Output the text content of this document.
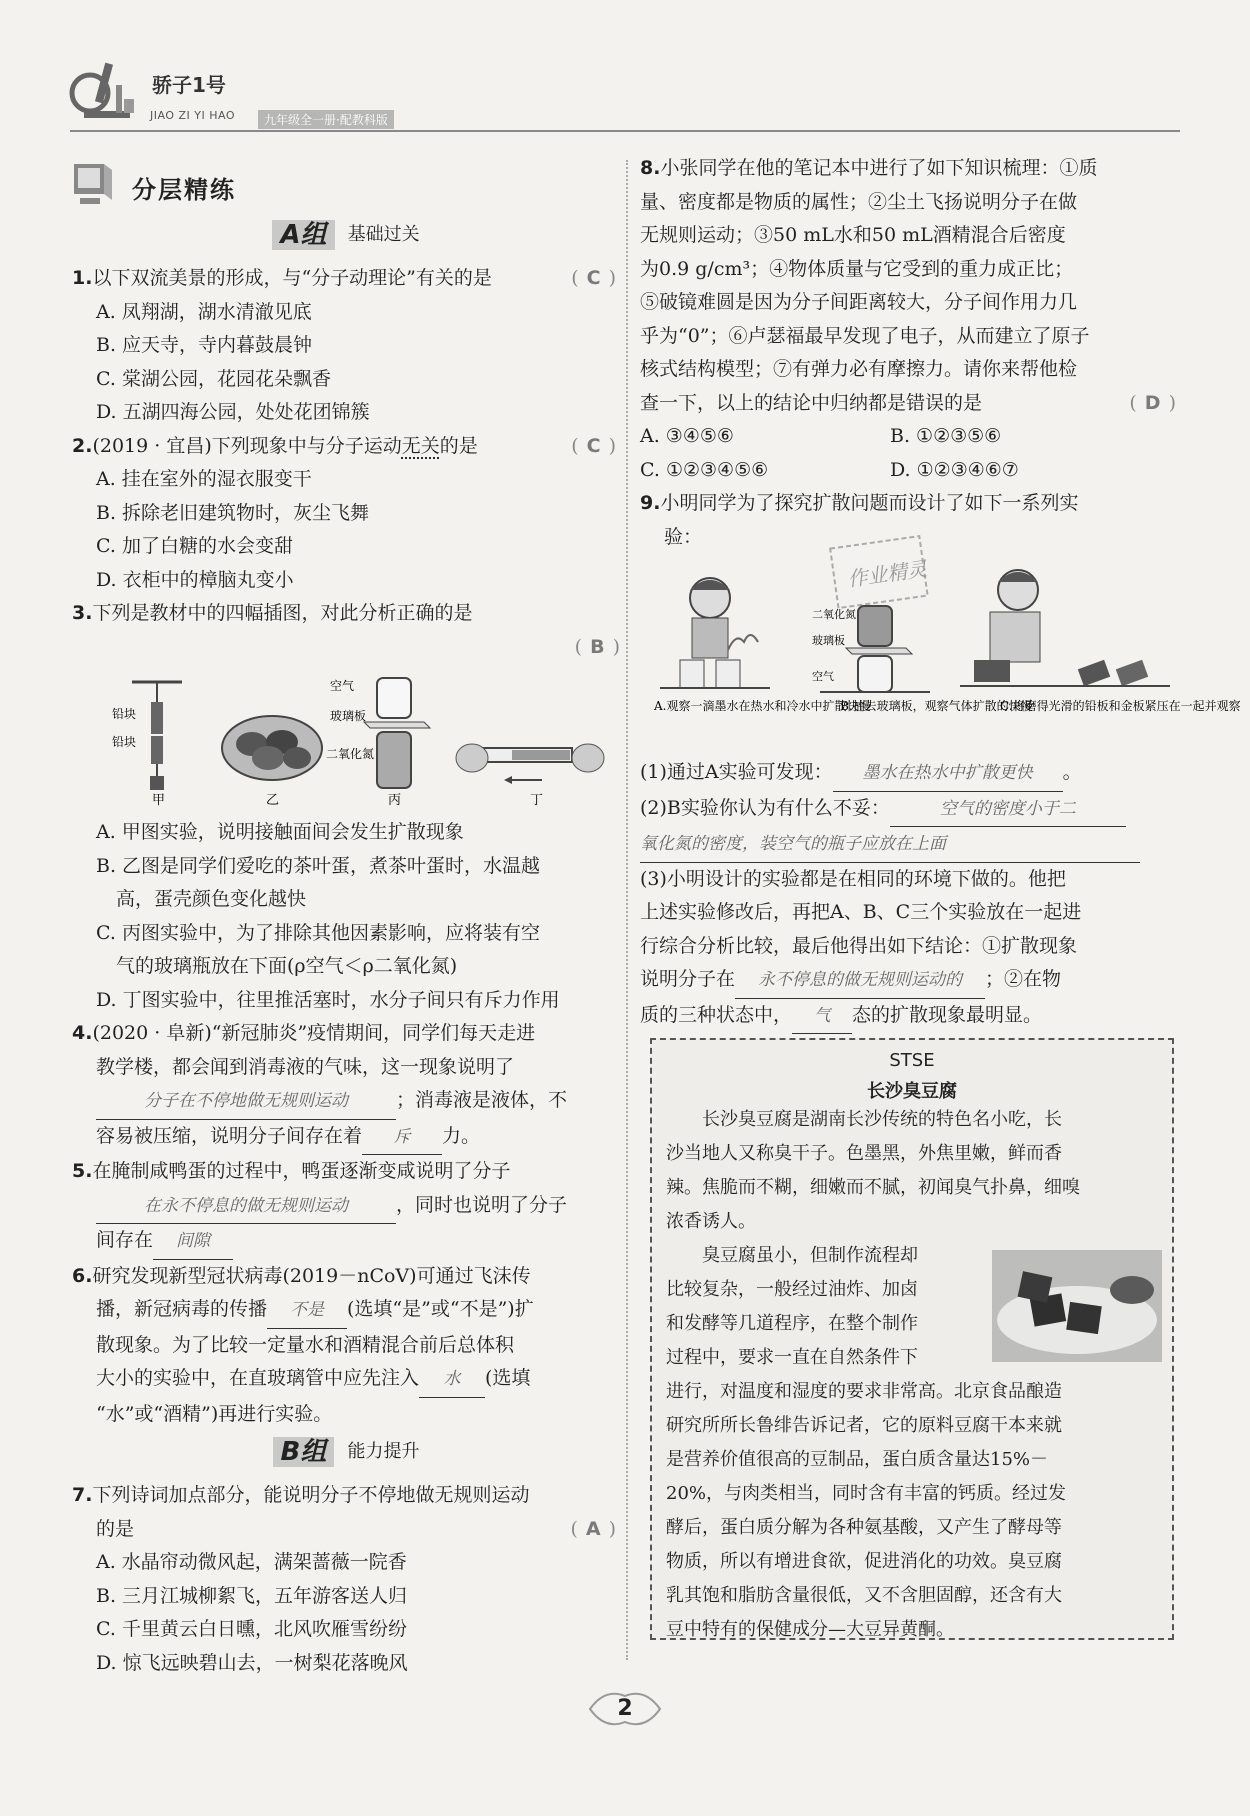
骄子1号
JIAO ZI YI HAO	九年级全一册·配教科版
分层精练
A组 基础过关

1.以下双流美景的形成，与“分子动理论”有关的是	( C )

A. 凤翔湖，湖水清澈见底

B. 应天寺，寺内暮鼓晨钟

C. 棠湖公园，花园花朵飘香

D. 五湖四海公园，处处花团锦簇

2.(2019 · 宜昌)下列现象中与分子运动无关的是	( C )

A. 挂在室外的湿衣服变干

B. 拆除老旧建筑物时，灰尘飞舞

C. 加了白糖的水会变甜

D. 衣柜中的樟脑丸变小

3.下列是教材中的四幅插图，对此分析正确的是

( B )

铅块
铅块
甲	乙
空气
玻璃板
二氧化氮
丙	丁

A. 甲图实验，说明接触面间会发生扩散现象

B. 乙图是同学们爱吃的茶叶蛋，煮茶叶蛋时，水温越

高，蛋壳颜色变化越快

C. 丙图实验中，为了排除其他因素影响，应将装有空

气的玻璃瓶放在下面(ρ空气＜ρ二氧化氮)

D. 丁图实验中，往里推活塞时，水分子间只有斥力作用

4.(2020 · 阜新)“新冠肺炎”疫情期间，同学们每天走进

教学楼，都会闻到消毒液的气味，这一现象说明了

分子在不停地做无规则运动	；消毒液是液体，不

容易被压缩，说明分子间存在着 斥 力。

5.在腌制咸鸭蛋的过程中，鸭蛋逐渐变咸说明了分子

在永不停息的做无规则运动	，同时也说明了分子

间存在 间隙

6.研究发现新型冠状病毒(2019－nCoV)可通过飞沫传

播，新冠病毒的传播 不是 (选填“是”或“不是”)扩

散现象。为了比较一定量水和酒精混合前后总体积

大小的实验中，在直玻璃管中应先注入 水 (选填

“水”或“酒精”)再进行实验。

B组 能力提升

7.下列诗词加点部分，能说明分子不停地做无规则运动

的是	( A )

A. 水晶帘动微风起，满架蔷薇一院香

B. 三月江城柳絮飞，五年游客送人归

C. 千里黄云白日曛，北风吹雁雪纷纷

D. 惊飞远映碧山去，一树梨花落晚风

8.小张同学在他的笔记本中进行了如下知识梳理：①质

量、密度都是物质的属性；②尘土飞扬说明分子在做

无规则运动；③50 mL水和50 mL酒精混合后密度

为0.9 g/cm³；④物体质量与它受到的重力成正比；

⑤破镜难圆是因为分子间距离较大，分子间作用力几

乎为“0”；⑥卢瑟福最早发现了电子，从而建立了原子

核式结构模型；⑦有弹力必有摩擦力。请你来帮他检

查一下，以上的结论中归纳都是错误的是	( D )

A. ③④⑤⑥	B. ①②③⑤⑥

C. ①②③④⑤⑥	D. ①②③④⑥⑦

9.小明同学为了探究扩散问题而设计了如下一系列实

验：

作业精灵
A.观察一滴墨水在热水和冷水中扩散快慢
二氧化氮
玻璃板
空气
B.抽去玻璃板，观察气体扩散的快慢
C.将磨得光滑的铅板和金板紧压在一起并观察

(1)通过A实验可发现： 墨水在热水中扩散更快 。

(2)B实验你认为有什么不妥：	空气的密度小于二

氧化氮的密度，装空气的瓶子应放在上面

(3)小明设计的实验都是在相同的环境下做的。他把

上述实验修改后，再把A、B、C三个实验放在一起进

行综合分析比较，最后他得出如下结论：①扩散现象

说明分子在 永不停息的做无规则运动的 ；②在物

质的三种状态中， 气 态的扩散现象最明显。

STSE
长沙臭豆腐

长沙臭豆腐是湖南长沙传统的特色名小吃，长

沙当地人又称臭干子。色墨黑，外焦里嫩，鲜而香

辣。焦脆而不糊，细嫩而不腻，初闻臭气扑鼻，细嗅

浓香诱人。

臭豆腐虽小，但制作流程却

比较复杂，一般经过油炸、加卤

和发酵等几道程序，在整个制作

过程中，要求一直在自然条件下

进行，对温度和湿度的要求非常高。北京食品酿造

研究所所长鲁绯告诉记者，它的原料豆腐干本来就

是营养价值很高的豆制品，蛋白质含量达15%－

20%，与肉类相当，同时含有丰富的钙质。经过发

酵后，蛋白质分解为各种氨基酸，又产生了酵母等

物质，所以有增进食欲，促进消化的功效。臭豆腐

乳其饱和脂肪含量很低，又不含胆固醇，还含有大

豆中特有的保健成分—大豆异黄酮。

2
